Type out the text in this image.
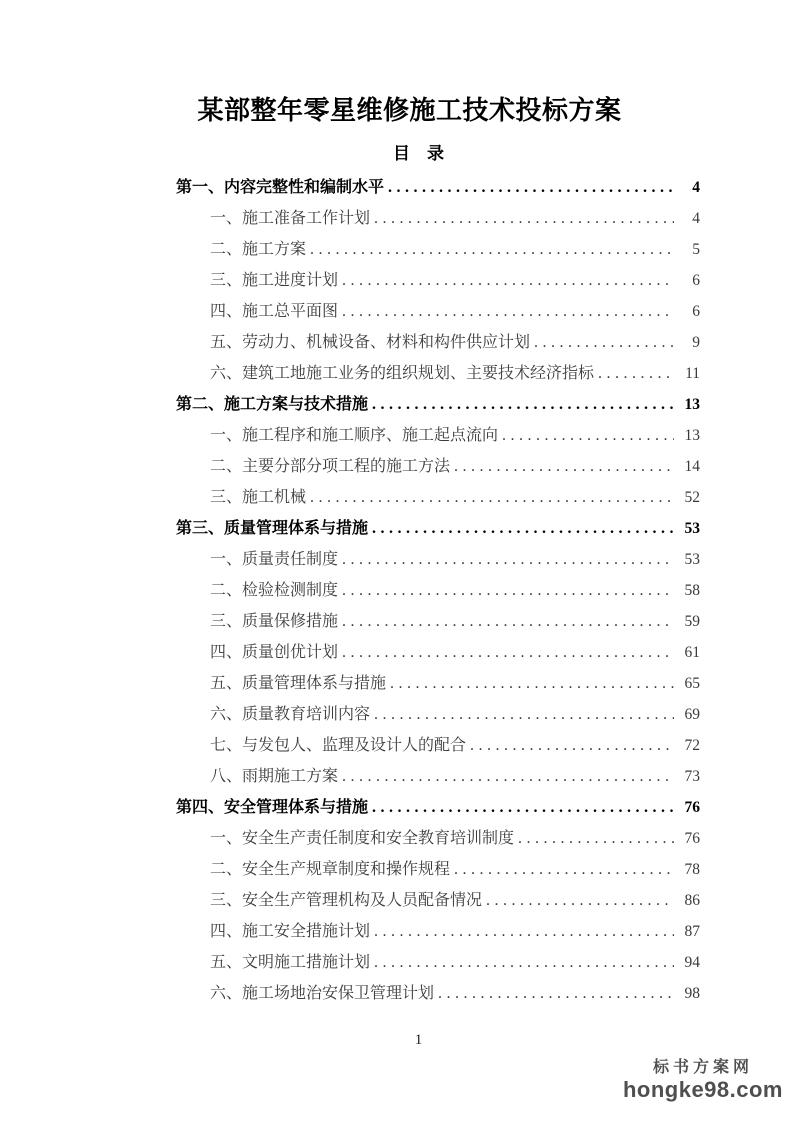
某部整年零星维修施工技术投标方案
目　录
第一、内容完整性和编制水平 .....	4
一、施工准备工作计划 .....	4
二、施工方案 .....	5
三、施工进度计划 .....	6
四、施工总平面图 .....	6
五、劳动力、机械设备、材料和构件供应计划 .....	9
六、建筑工地施工业务的组织规划、主要技术经济指标 .....	11
第二、施工方案与技术措施 .....	13
一、施工程序和施工顺序、施工起点流向 .....	13
二、主要分部分项工程的施工方法 .....	14
三、施工机械 .....	52
第三、质量管理体系与措施 .....	53
一、质量责任制度 .....	53
二、检验检测制度 .....	58
三、质量保修措施 .....	59
四、质量创优计划 .....	61
五、质量管理体系与措施 .....	65
六、质量教育培训内容 .....	69
七、与发包人、监理及设计人的配合 .....	72
八、雨期施工方案 .....	73
第四、安全管理体系与措施 .....	76
一、安全生产责任制度和安全教育培训制度 .....	76
二、安全生产规章制度和操作规程 .....	78
三、安全生产管理机构及人员配备情况 .....	86
四、施工安全措施计划 .....	87
五、文明施工措施计划 .....	94
六、施工场地治安保卫管理计划 .....	98
1
标书方案网
hongke98.com
